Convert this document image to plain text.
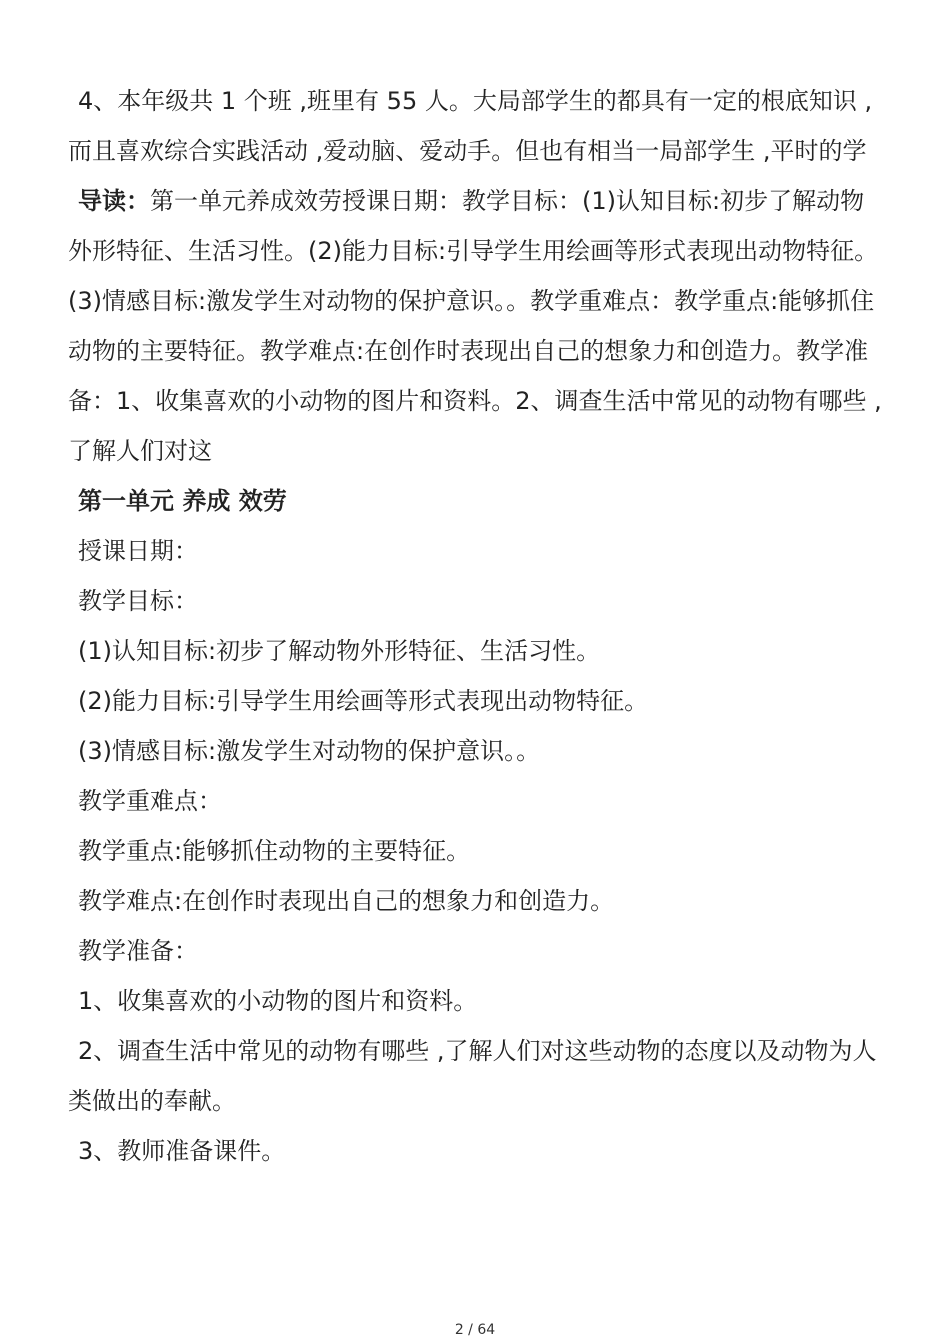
4、本年级共 1 个班 ,班里有 55 人。大局部学生的都具有一定的根底知识 ,而且喜欢综合实践活动 ,爱动脑、爱动手。但也有相当一局部学生 ,平时的学

导读：第一单元养成效劳授课日期：教学目标：(1)认知目标:初步了解动物外形特征、生活习性。(2)能力目标:引导学生用绘画等形式表现出动物特征。(3)情感目标:激发学生对动物的保护意识。。教学重难点：教学重点:能够抓住动物的主要特征。教学难点:在创作时表现出自己的想象力和创造力。教学准备：1、收集喜欢的小动物的图片和资料。2、调查生活中常见的动物有哪些 ,了解人们对这

第一单元 养成 效劳

授课日期：

教学目标：

(1)认知目标:初步了解动物外形特征、生活习性。

(2)能力目标:引导学生用绘画等形式表现出动物特征。

(3)情感目标:激发学生对动物的保护意识。。

教学重难点：

教学重点:能够抓住动物的主要特征。

教学难点:在创作时表现出自己的想象力和创造力。

教学准备：

1、收集喜欢的小动物的图片和资料。

2、调查生活中常见的动物有哪些 ,了解人们对这些动物的态度以及动物为人类做出的奉献。

3、教师准备课件。

2 / 64
